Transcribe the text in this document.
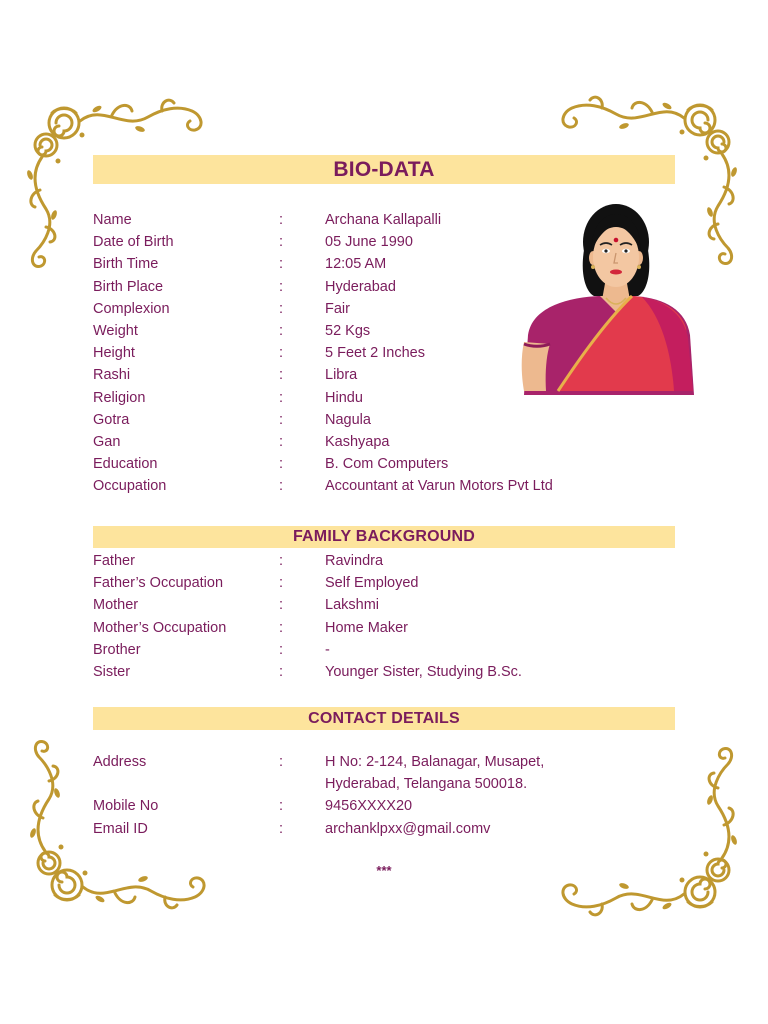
BIO-DATA
Name	:	Archana Kallapalli
Date of Birth	:	05 June 1990
Birth Time	:	12:05 AM
Birth Place	:	Hyderabad
Complexion	:	Fair
Weight	:	52 Kgs
Height	:	5 Feet 2 Inches
Rashi	:	Libra
Religion	:	Hindu
Gotra	:	Nagula
Gan	:	Kashyapa
Education	:	B. Com Computers
Occupation	:	Accountant at Varun Motors Pvt Ltd
FAMILY BACKGROUND
Father	:	Ravindra
Father’s Occupation	:	Self Employed
Mother	:	Lakshmi
Mother’s Occupation	:	Home Maker
Brother	:	-
Sister	:	Younger Sister, Studying B.Sc.
CONTACT DETAILS
Address	:	H No: 2-124, Balanagar, Musapet,
Hyderabad, Telangana 500018.
Mobile No	:	9456XXXX20
Email ID	:	archanklpxx@gmail.comv
***
